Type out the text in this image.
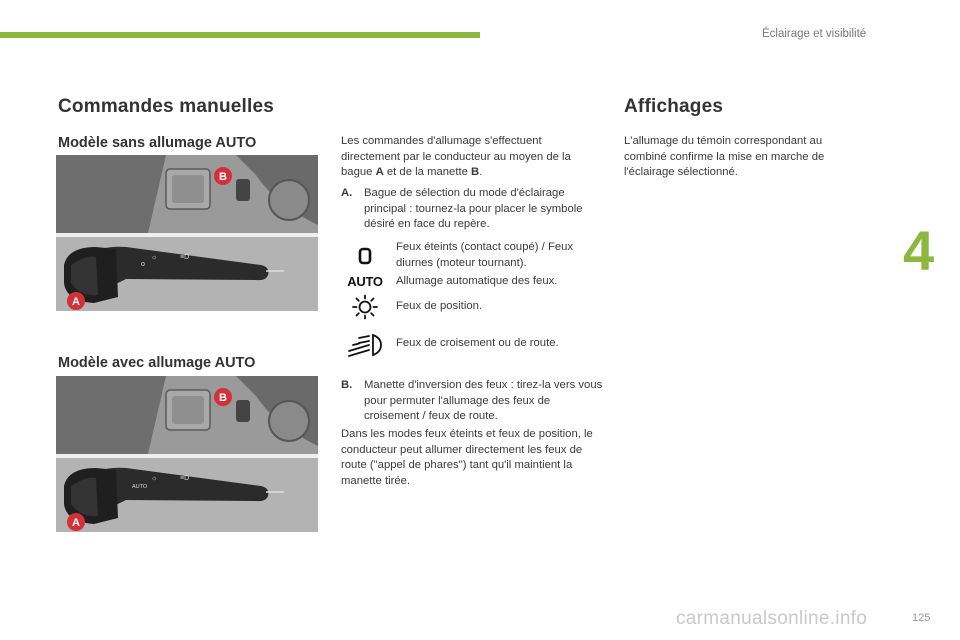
Éclairage et visibilité
Commandes manuelles
Modèle sans allumage AUTO
Modèle avec allumage AUTO
Affichages
o
☼	≡D
A
B
AUTO
☼	≡D
A
B

Les commandes d'allumage s'effectuent directement par le conducteur au moyen de la bague A et de la manette B.

A. Bague de sélection du mode d'éclairage principal : tournez-la pour placer le symbole désiré en face du repère.
Feux éteints (contact coupé) / Feux diurnes (moteur tournant).
AUTO Allumage automatique des feux.
Feux de position.
Feux de croisement ou de route.
B. Manette d'inversion des feux : tirez-la vers vous pour permuter l'allumage des feux de croisement / feux de route.

Dans les modes feux éteints et feux de position, le conducteur peut allumer directement les feux de route ("appel de phares") tant qu'il maintient la manette tirée.

L'allumage du témoin correspondant au combiné confirme la mise en marche de l'éclairage sélectionné.

4
carmanualsonline.info	125
